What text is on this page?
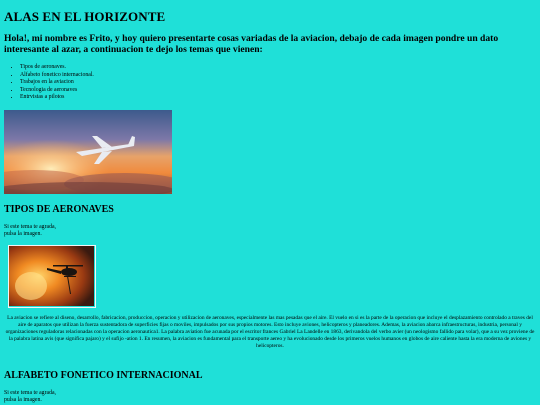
ALAS EN EL HORIZONTE

Hola!, mi nombre es Frito, y hoy quiero presentarte cosas variadas de la aviacion, debajo de cada imagen pondre un dato interesante al azar, a continuacion te dejo los temas que vienen:

• Tipos de aeronaves.
• Alfabeto fonetico internacional.
• Trabajos en la aviacion
• Tecnologia de aeronaves
• Entrvistas a pilotos
TIPOS DE AERONAVES
Si este tema te agrada,
pulsa la imagen.

La aviacion se refiere al diseno, desarrollo, fabricacion, produccion, operacion y utilizacion de aeronaves, especialmente las mas pesadas que el aire. El vuelo en si es la parte de la operacion que incluye el desplazamiento controlado a traves del aire de aparatos que utilizan la fuerza sustentadora de superficies fijas o moviles, impulsados por sus propios motores. Esto incluye aviones, helicopteros y planeadores. Ademas, la aviacion abarca infraestructuras, industria, personal y organizaciones reguladoras relacionadas con la operacion aeronautica1. La palabra aviation fue acunada por el escritor frances Gabriel La Landelle en 1863, derivandola del verbo avier (un neologismo fallido para volar), que a su vez proviene de la palabra latina avis (que significa pajaro) y el sufijo -ation 1. En resumen, la aviacion es fundamental para el transporte aereo y ha evolucionado desde los primeros vuelos humanos en globos de aire caliente hasta la era moderna de aviones y helicopteros.

ALFABETO FONETICO INTERNACIONAL
Si este tema te agrada,
pulsa la imagen.
